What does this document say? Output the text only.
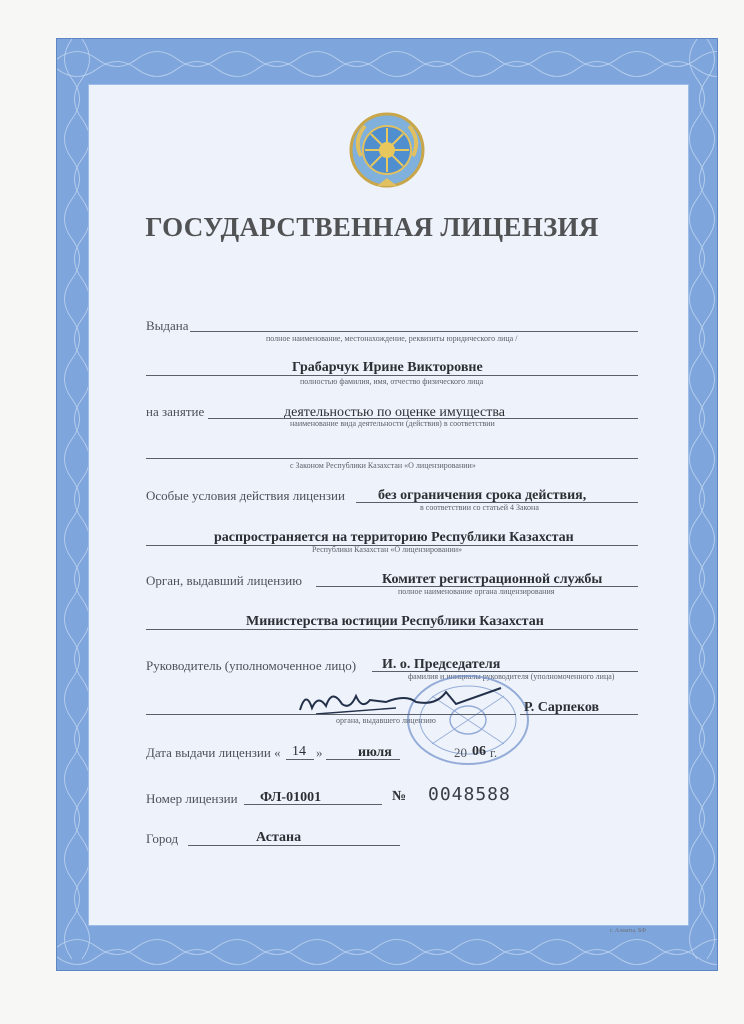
ГОСУДАРСТВЕННАЯ ЛИЦЕНЗИЯ
Выдана
полное наименование, местонахождение, реквизиты юридического лица /
Грабарчук Ирине Викторовне
полностью фамилия, имя, отчество физического лица
на занятие	деятельностью по оценке имущества
наименование вида деятельности (действия) в соответствии
с Законом Республики Казахстан «О лицензировании»
Особые условия действия лицензии без ограничения срока действия,
в соответствии со статьей 4 Закона
распространяется на территорию Республики Казахстан
Республики Казахстан «О лицензировании»
Орган, выдавший лицензию	Комитет регистрационной службы
полное наименование органа лицензирования
Министерства юстиции Республики Казахстан
Руководитель (уполномоченное лицо) И. о. Председателя
фамилия и инициалы руководителя (уполномоченного лица)
органа, выдавшего лицензию
Р. Сарпеков
Дата выдачи лицензии « 14 »	июля	20 06 г.
Номер лицензии ФЛ-01001	№ 0048588
Город	Астана
г. Алматы. БФ
